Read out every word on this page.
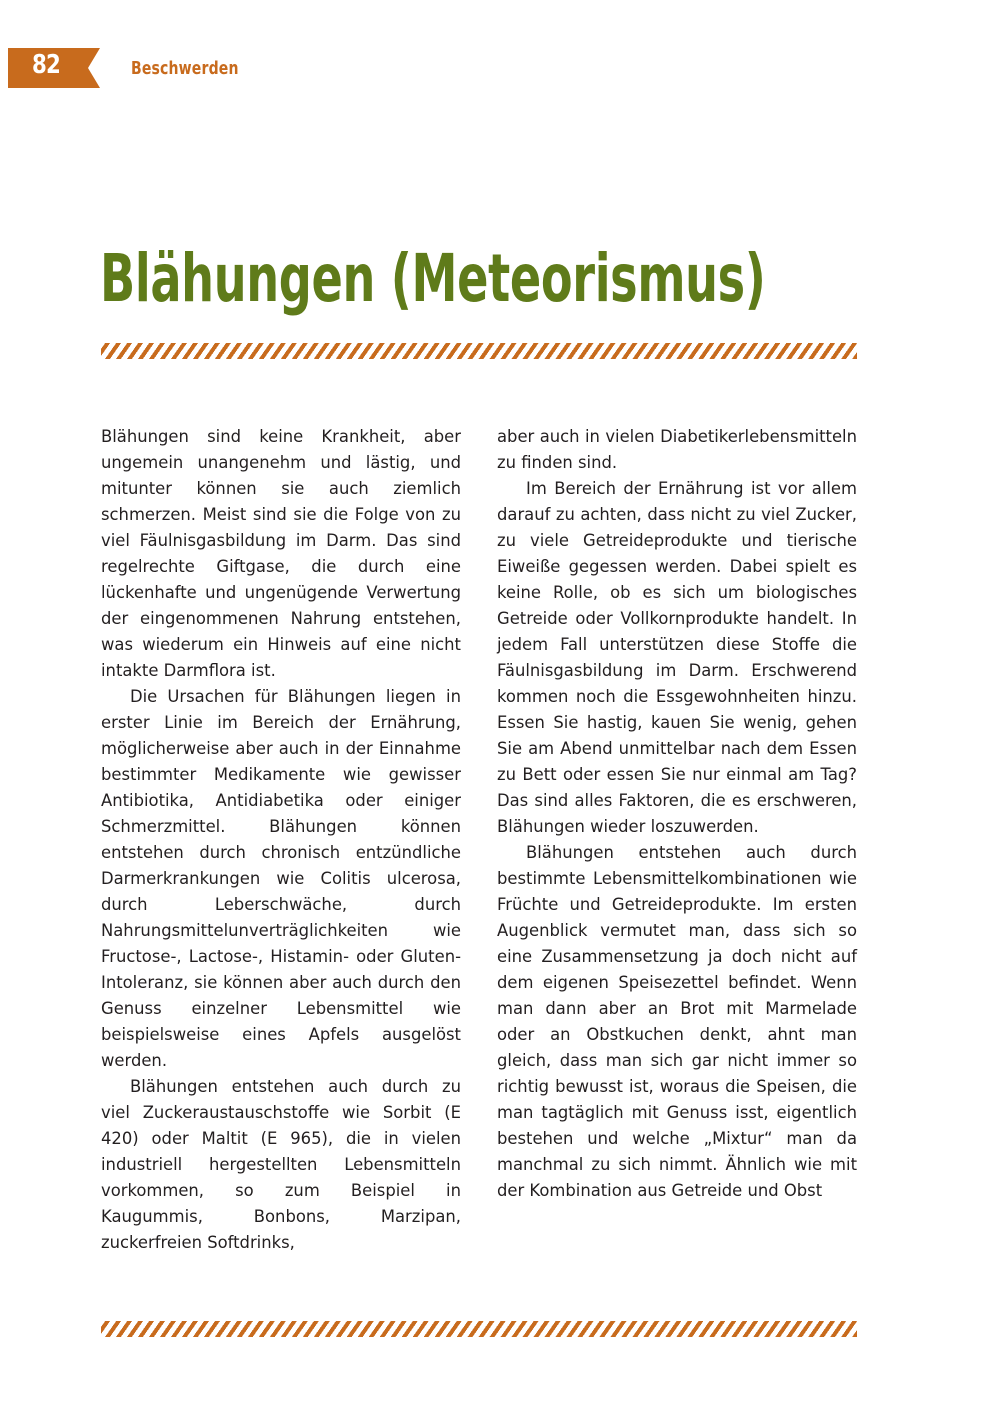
82	Beschwerden
Blähungen (Meteorismus)

Blähungen sind keine Krankheit, aber ungemein unangenehm und lästig, und mitunter können sie auch ziemlich schmerzen. Meist sind sie die Folge von zu viel Fäulnisgasbildung im Darm. Das sind regelrechte Giftgase, die durch eine lückenhafte und ungenügende Verwertung der eingenommenen Nahrung entstehen, was wiederum ein Hinweis auf eine nicht intakte Darmflora ist.

Die Ursachen für Blähungen liegen in erster Linie im Bereich der Ernährung, möglicherweise aber auch in der Einnahme bestimmter Medikamente wie gewisser Antibiotika, Antidiabetika oder einiger Schmerzmittel. Blähungen können entstehen durch chronisch entzündliche Darmerkrankungen wie Colitis ulcerosa, durch Leberschwäche, durch Nahrungsmittelunverträglichkeiten wie Fructose-, Lactose-, Histamin- oder Gluten-Intoleranz, sie können aber auch durch den Genuss einzelner Lebensmittel wie beispielsweise eines Apfels ausgelöst werden.

Blähungen entstehen auch durch zu viel Zuckeraustauschstoffe wie Sorbit (E 420) oder Maltit (E 965), die in vielen industriell hergestellten Lebensmitteln vorkommen, so zum Beispiel in Kaugummis, Bonbons, Marzipan, zuckerfreien Softdrinks,

aber auch in vielen Diabetikerlebensmitteln zu finden sind.

Im Bereich der Ernährung ist vor allem darauf zu achten, dass nicht zu viel Zucker, zu viele Getreideprodukte und tierische Eiweiße gegessen werden. Dabei spielt es keine Rolle, ob es sich um biologisches Getreide oder Vollkornprodukte handelt. In jedem Fall unterstützen diese Stoffe die Fäulnisgasbildung im Darm. Erschwerend kommen noch die Essgewohnheiten hinzu. Essen Sie hastig, kauen Sie wenig, gehen Sie am Abend unmittelbar nach dem Essen zu Bett oder essen Sie nur einmal am Tag? Das sind alles Faktoren, die es erschweren, Blähungen wieder loszuwerden.

Blähungen entstehen auch durch bestimmte Lebensmittelkombinationen wie Früchte und Getreideprodukte. Im ersten Augenblick vermutet man, dass sich so eine Zusammensetzung ja doch nicht auf dem eigenen Speisezettel befindet. Wenn man dann aber an Brot mit Marmelade oder an Obstkuchen denkt, ahnt man gleich, dass man sich gar nicht immer so richtig bewusst ist, woraus die Speisen, die man tagtäglich mit Genuss isst, eigentlich bestehen und welche „Mixtur“ man da manchmal zu sich nimmt. Ähnlich wie mit der Kombination aus Getreide und Obst
